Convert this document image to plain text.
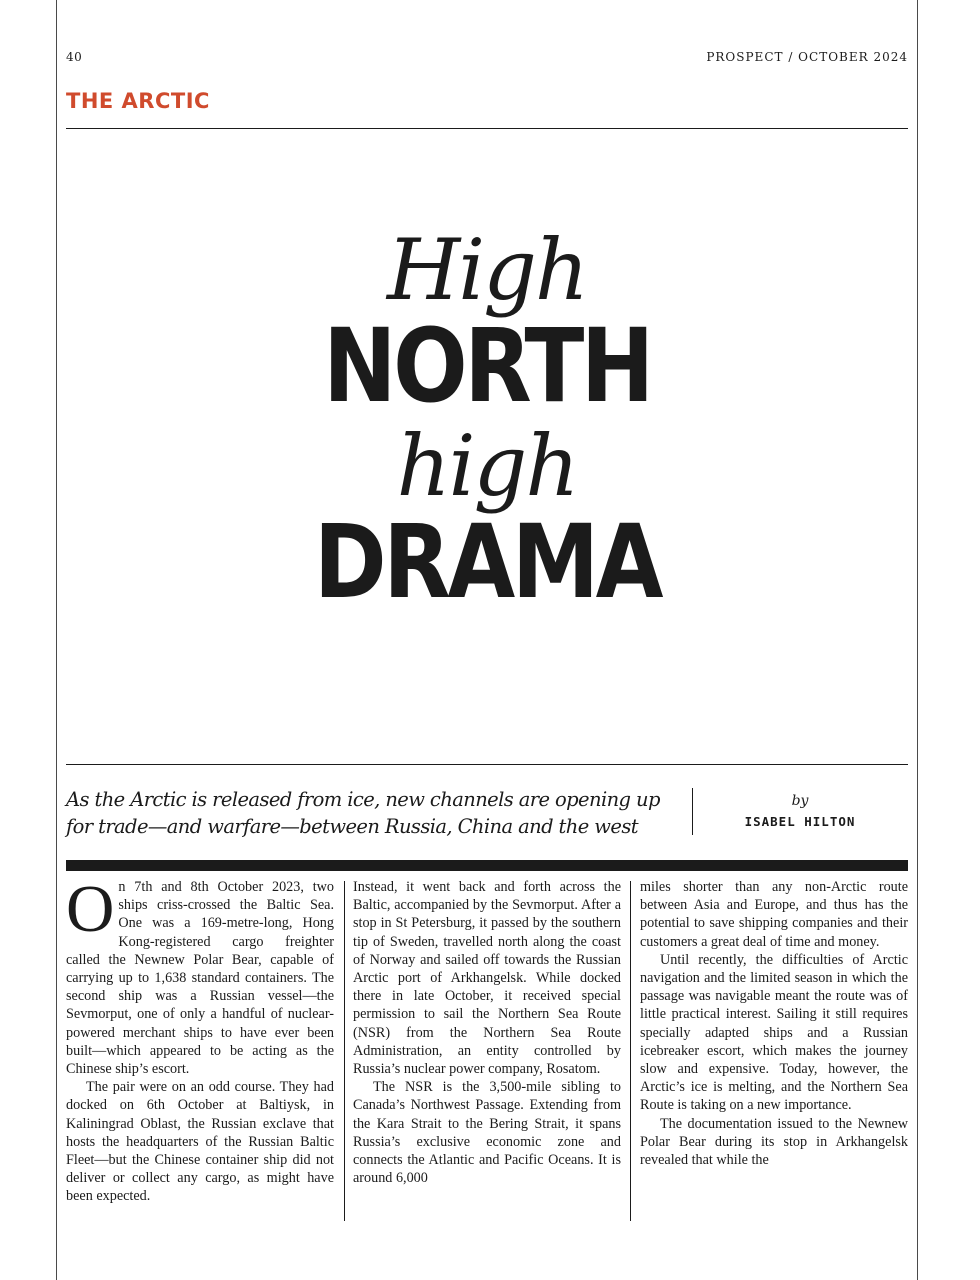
40	PROSPECT / OCTOBER 2024
THE ARCTIC
High
NORTH
high
DRAMA
As the Arctic is released from ice, new channels are opening up for trade—and warfare—between Russia, China and the west
by
ISABEL HILTON

On 7th and 8th October 2023, two ships criss-crossed the Baltic Sea. One was a 169-metre-long, Hong Kong-registered cargo freighter called the Newnew Polar Bear, capable of carrying up to 1,638 standard containers. The second ship was a Russian vessel—the Sevmorput, one of only a handful of nuclear-powered merchant ships to have ever been built—which appeared to be acting as the Chinese ship’s escort.

The pair were on an odd course. They had docked on 6th October at Baltiysk, in Kaliningrad Oblast, the Russian exclave that hosts the headquarters of the Russian Baltic Fleet—but the Chinese container ship did not deliver or collect any cargo, as might have been expected.

Instead, it went back and forth across the Baltic, accompanied by the Sevmorput. After a stop in St Petersburg, it passed by the southern tip of Sweden, travelled north along the coast of Norway and sailed off towards the Russian Arctic port of Arkhangelsk. While docked there in late October, it received special permission to sail the Northern Sea Route (NSR) from the Northern Sea Route Administration, an entity controlled by Russia’s nuclear power company, Rosatom.

The NSR is the 3,500-mile sibling to Canada’s Northwest Passage. Extending from the Kara Strait to the Bering Strait, it spans Russia’s exclusive economic zone and connects the Atlantic and Pacific Oceans. It is around 6,000

miles shorter than any non-Arctic route between Asia and Europe, and thus has the potential to save shipping companies and their customers a great deal of time and money.

Until recently, the difficulties of Arctic navigation and the limited season in which the passage was navigable meant the route was of little practical interest. Sailing it still requires specially adapted ships and a Russian icebreaker escort, which makes the journey slow and expensive. Today, however, the Arctic’s ice is melting, and the Northern Sea Route is taking on a new importance.

The documentation issued to the Newnew Polar Bear during its stop in Arkhangelsk revealed that while the
